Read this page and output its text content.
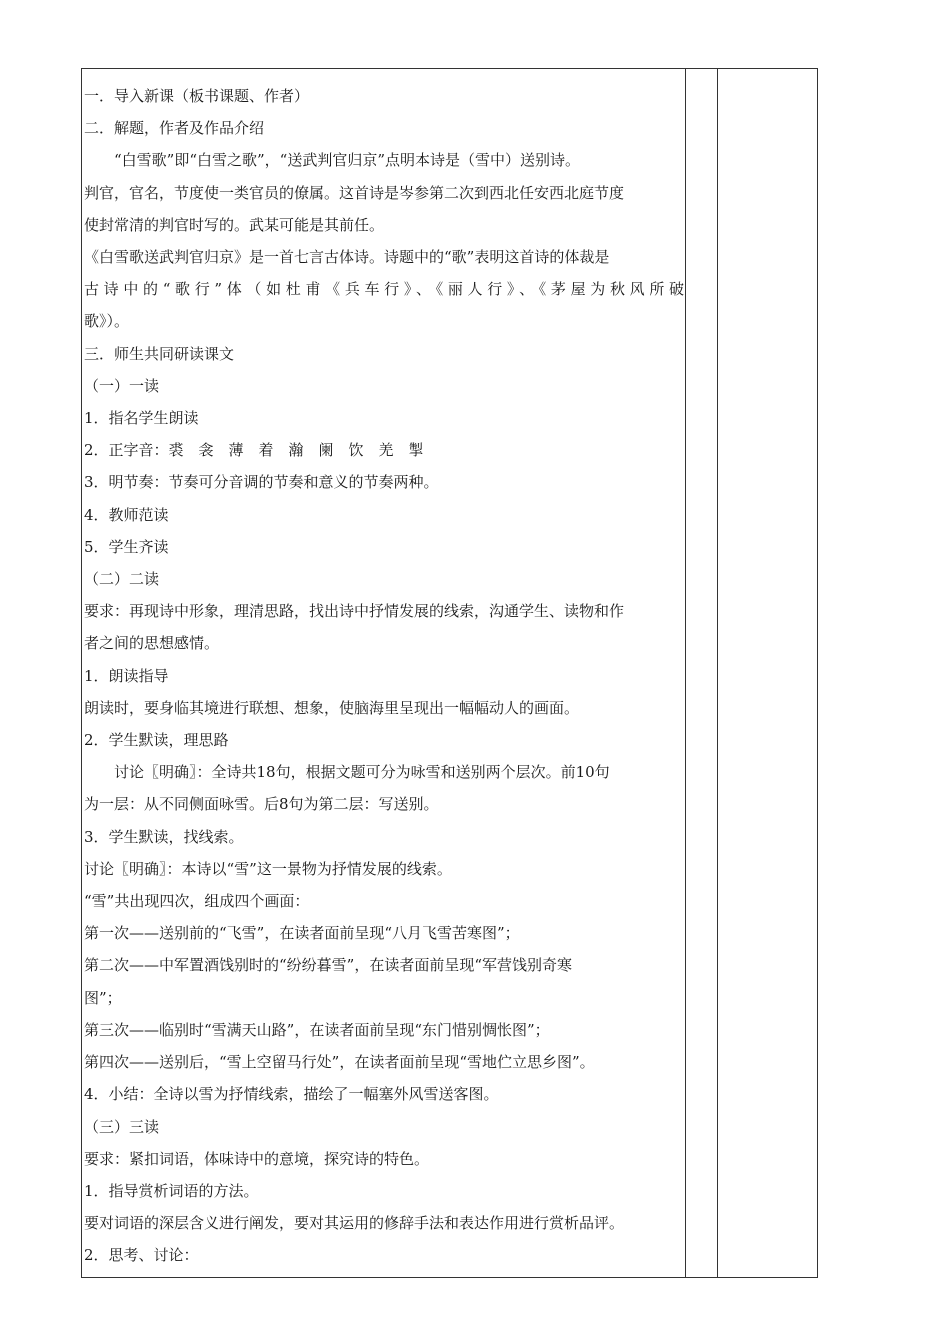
一．导入新课（板书课题、作者）

二．解题，作者及作品介绍

“白雪歌”即“白雪之歌”，“送武判官归京”点明本诗是（雪中）送别诗。

判官，官名，节度使一类官员的僚属。这首诗是岑参第二次到西北任安西北庭节度

使封常清的判官时写的。武某可能是其前任。

《白雪歌送武判官归京》是一首七言古体诗。诗题中的“歌”表明这首诗的体裁是

古诗中的“歌行”体（如杜甫《兵车行》、《丽人行》、《茅屋为秋风所破

歌》）。

三．师生共同研读课文

（一）一读

1．指名学生朗读

2．正字音：裘　衾　薄　着　瀚　阑　饮　羌　掣

3．明节奏：节奏可分音调的节奏和意义的节奏两种。

4．教师范读

5．学生齐读

（二）二读

要求：再现诗中形象，理清思路，找出诗中抒情发展的线索，沟通学生、读物和作

者之间的思想感情。

1．朗读指导

朗读时，要身临其境进行联想、想象，使脑海里呈现出一幅幅动人的画面。

2．学生默读，理思路

讨论〖明确〗：全诗共18句，根据文题可分为咏雪和送别两个层次。前10句

为一层：从不同侧面咏雪。后8句为第二层：写送别。

3．学生默读，找线索。

讨论〖明确〗：本诗以“雪”这一景物为抒情发展的线索。

“雪”共出现四次，组成四个画面：

第一次——送别前的“飞雪”，在读者面前呈现“八月飞雪苦寒图”；

第二次——中军置酒饯别时的“纷纷暮雪”，在读者面前呈现“军营饯别奇寒

图”；

第三次——临别时“雪满天山路”，在读者面前呈现“东门惜别惆怅图”；

第四次——送别后，“雪上空留马行处”，在读者面前呈现“雪地伫立思乡图”。

4．小结：全诗以雪为抒情线索，描绘了一幅塞外风雪送客图。

（三）三读

要求：紧扣词语，体味诗中的意境，探究诗的特色。

1．指导赏析词语的方法。

要对词语的深层含义进行阐发，要对其运用的修辞手法和表达作用进行赏析品评。

2．思考、讨论：
